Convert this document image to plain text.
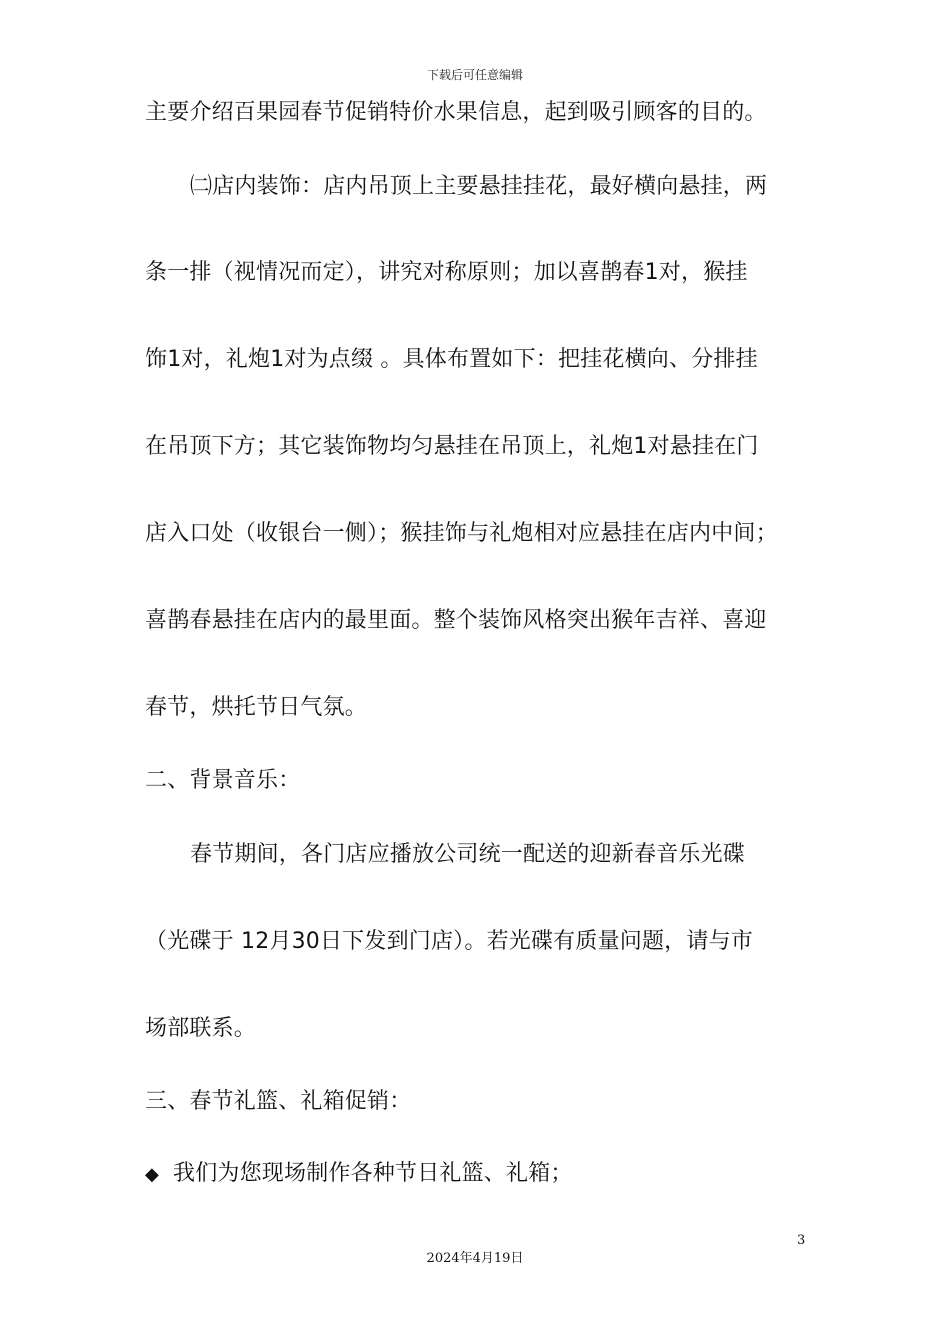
下载后可任意编辑
主要介绍百果园春节促销特价水果信息，起到吸引顾客的目的。
㈡店内装饰：店内吊顶上主要悬挂挂花，最好横向悬挂，两
条一排（视情况而定），讲究对称原则；加以喜鹊春1对，猴挂
饰1对，礼炮1对为点缀 。具体布置如下：把挂花横向、分排挂
在吊顶下方；其它装饰物均匀悬挂在吊顶上，礼炮1对悬挂在门
店入口处（收银台一侧）；猴挂饰与礼炮相对应悬挂在店内中间；
喜鹊春悬挂在店内的最里面。整个装饰风格突出猴年吉祥、喜迎
春节，烘托节日气氛。
二、背景音乐：
春节期间，各门店应播放公司统一配送的迎新春音乐光碟
（光碟于 12月30日下发到门店）。若光碟有质量问题，请与市
场部联系。
三、春节礼篮、礼箱促销：
◆ 我们为您现场制作各种节日礼篮、礼箱；
3
2024年4月19日
